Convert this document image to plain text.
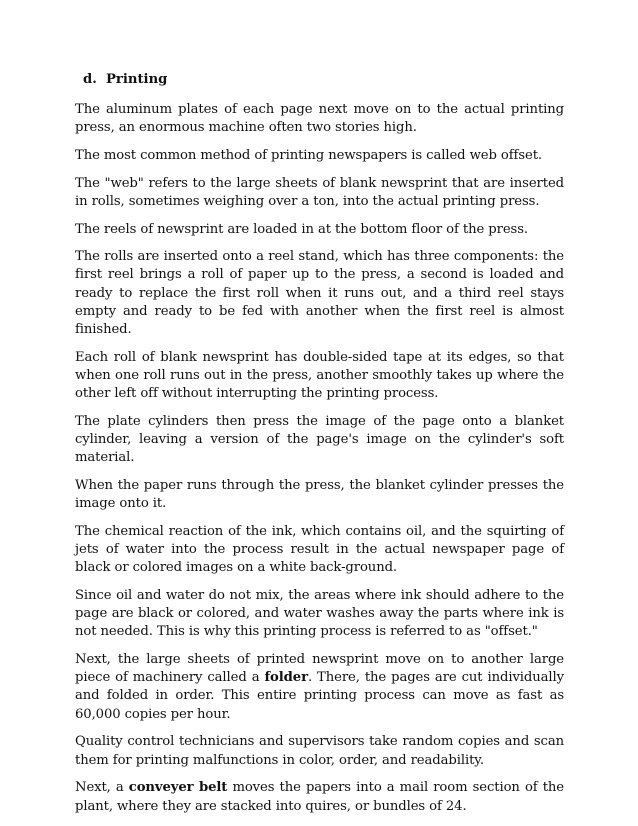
d. Printing

The aluminum plates of each page next move on to the actual printing press, an enormous machine often two stories high.

The most common method of printing newspapers is called web offset.

The "web" refers to the large sheets of blank newsprint that are inserted in rolls, sometimes weighing over a ton, into the actual printing press.

The reels of newsprint are loaded in at the bottom floor of the press.

The rolls are inserted onto a reel stand, which has three components: the first reel brings a roll of paper up to the press, a second is loaded and ready to replace the first roll when it runs out, and a third reel stays empty and ready to be fed with another when the first reel is almost finished.

Each roll of blank newsprint has double-sided tape at its edges, so that when one roll runs out in the press, another smoothly takes up where the other left off without interrupting the printing process.

The plate cylinders then press the image of the page onto a blanket cylinder, leaving a version of the page's image on the cylinder's soft material.

When the paper runs through the press, the blanket cylinder presses the image onto it.

The chemical reaction of the ink, which contains oil, and the squirting of jets of water into the process result in the actual newspaper page of black or colored images on a white back-ground.

Since oil and water do not mix, the areas where ink should adhere to the page are black or colored, and water washes away the parts where ink is not needed. This is why this printing process is referred to as "offset."

Next, the large sheets of printed newsprint move on to another large piece of machinery called a folder. There, the pages are cut individually and folded in order. This entire printing process can move as fast as 60,000 copies per hour.

Quality control technicians and supervisors take random copies and scan them for printing malfunctions in color, order, and readability.

Next, a conveyer belt moves the papers into a mail room section of the plant, where they are stacked into quires, or bundles of 24.
